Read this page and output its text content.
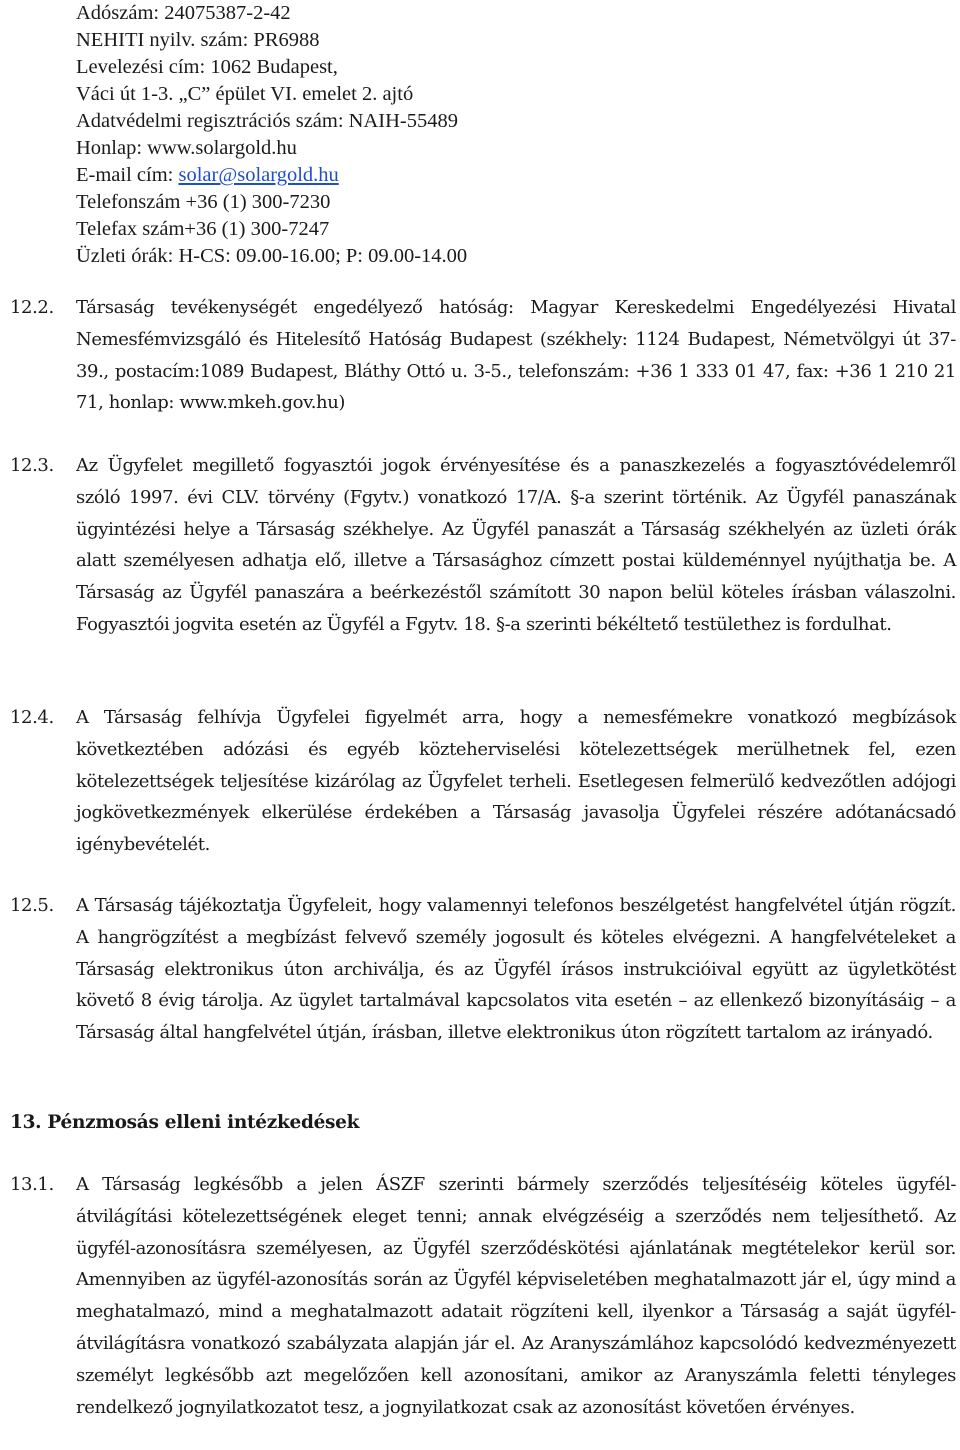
Adószám: 24075387-2-42
NEHITI nyilv. szám: PR6988
Levelezési cím: 1062 Budapest,
Váci út 1-3. „C” épület VI. emelet 2. ajtó
Adatvédelmi regisztrációs szám: NAIH-55489
Honlap: www.solargold.hu
E-mail cím: solar@solargold.hu
Telefonszám +36 (1) 300-7230
Telefax szám+36 (1) 300-7247
Üzleti órák: H-CS: 09.00-16.00; P: 09.00-14.00
12.2.	Társaság tevékenységét engedélyező hatóság: Magyar Kereskedelmi Engedélyezési Hivatal Nemesfémvizsgáló és Hitelesítő Hatóság Budapest (székhely: 1124 Budapest, Németvölgyi út 37-39., postacím:1089 Budapest, Bláthy Ottó u. 3-5., telefonszám: +36 1 333 01 47, fax: +36 1 210 21 71, honlap: www.mkeh.gov.hu)
12.3.	Az Ügyfelet megillető fogyasztói jogok érvényesítése és a panaszkezelés a fogyasztóvédelemről szóló 1997. évi CLV. törvény (Fgytv.) vonatkozó 17/A. §-a szerint történik. Az Ügyfél panaszának ügyintézési helye a Társaság székhelye. Az Ügyfél panaszát a Társaság székhelyén az üzleti órák alatt személyesen adhatja elő, illetve a Társasághoz címzett postai küldeménnyel nyújthatja be. A Társaság az Ügyfél panaszára a beérkezéstől számított 30 napon belül köteles írásban válaszolni. Fogyasztói jogvita esetén az Ügyfél a Fgytv. 18. §-a szerinti békéltető testülethez is fordulhat.
12.4.	A Társaság felhívja Ügyfelei figyelmét arra, hogy a nemesfémekre vonatkozó megbízások következtében adózási és egyéb közteherviselési kötelezettségek merülhetnek fel, ezen kötelezettségek teljesítése kizárólag az Ügyfelet terheli. Esetlegesen felmerülő kedvezőtlen adójogi jogkövetkezmények elkerülése érdekében a Társaság javasolja Ügyfelei részére adótanácsadó igénybevételét.
12.5.	A Társaság tájékoztatja Ügyfeleit, hogy valamennyi telefonos beszélgetést hangfelvétel útján rögzít. A hangrögzítést a megbízást felvevő személy jogosult és köteles elvégezni. A hangfelvételeket a Társaság elektronikus úton archiválja, és az Ügyfél írásos instrukcióival együtt az ügyletkötést követő 8 évig tárolja. Az ügylet tartalmával kapcsolatos vita esetén – az ellenkező bizonyításáig – a Társaság által hangfelvétel útján, írásban, illetve elektronikus úton rögzített tartalom az irányadó.
13. Pénzmosás elleni intézkedések
13.1.	A Társaság legkésőbb a jelen ÁSZF szerinti bármely szerződés teljesítéséig köteles ügyfél-átvilágítási kötelezettségének eleget tenni; annak elvégzéséig a szerződés nem teljesíthető. Az ügyfél-azonosításra személyesen, az Ügyfél szerződéskötési ajánlatának megtételekor kerül sor. Amennyiben az ügyfél-azonosítás során az Ügyfél képviseletében meghatalmazott jár el, úgy mind a meghatalmazó, mind a meghatalmazott adatait rögzíteni kell, ilyenkor a Társaság a saját ügyfél-átvilágításra vonatkozó szabályzata alapján jár el. Az Aranyszámlához kapcsolódó kedvezményezett személyt legkésőbb azt megelőzően kell azonosítani, amikor az Aranyszámla feletti tényleges rendelkező jognyilatkozatot tesz, a jognyilatkozat csak az azonosítást követően érvényes.
